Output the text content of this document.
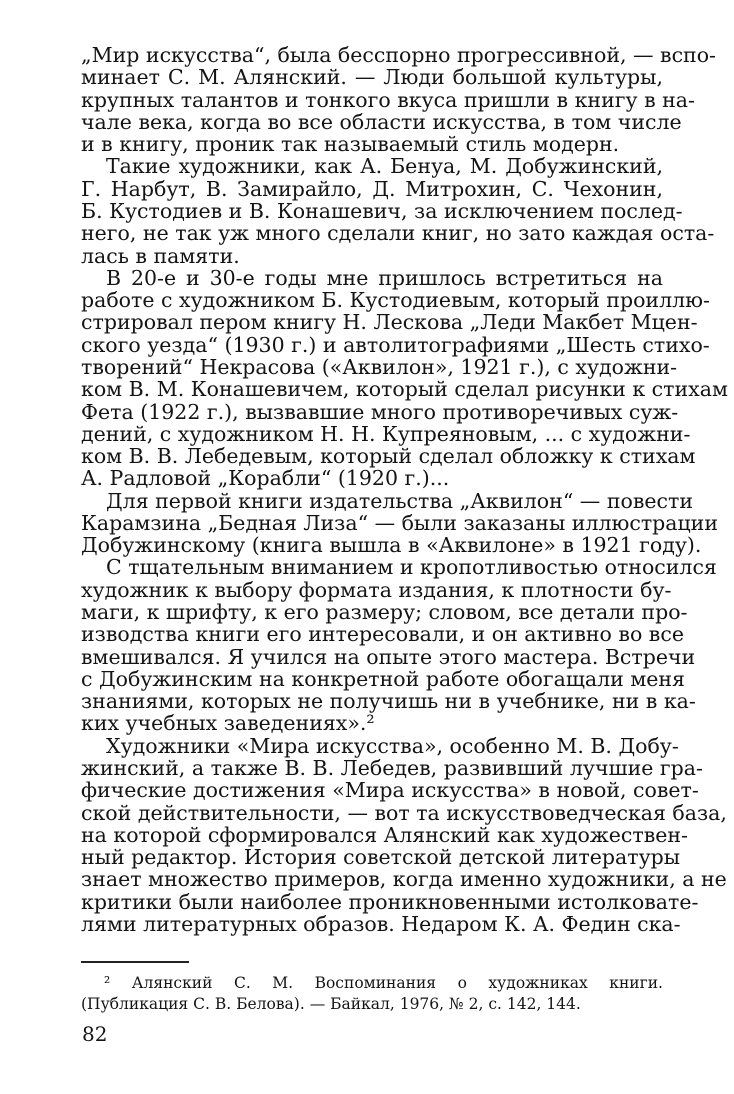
„Мир искусства“, была бесспорно прогрессивной, — вспо-
минает С. М. Алянский. — Люди большой культуры,
крупных талантов и тонкого вкуса пришли в книгу в на-
чале века, когда во все области искусства, в том числе
и в книгу, проник так называемый стиль модерн.
Такие художники, как А. Бенуа, М. Добужинский,
Г. Нарбут, В. Замирайло, Д. Митрохин, С. Чехонин,
Б. Кустодиев и В. Конашевич, за исключением послед-
него, не так уж много сделали книг, но зато каждая оста-
лась в памяти.
В 20-е и 30-е годы мне пришлось встретиться на
работе с художником Б. Кустодиевым, который проиллю-
стрировал пером книгу Н. Лескова „Леди Макбет Мцен-
ского уезда“ (1930 г.) и автолитографиями „Шесть стихо-
творений“ Некрасова («Аквилон», 1921 г.), с художни-
ком В. М. Конашевичем, который сделал рисунки к стихам
Фета (1922 г.), вызвавшие много противоречивых суж-
дений, с художником Н. Н. Купреяновым, ... с художни-
ком В. В. Лебедевым, который сделал обложку к стихам
А. Радловой „Корабли“ (1920 г.)...
Для первой книги издательства „Аквилон“ — повести
Карамзина „Бедная Лиза“ — были заказаны иллюстрации
Добужинскому (книга вышла в «Аквилоне» в 1921 году).
С тщательным вниманием и кропотливостью относился
художник к выбору формата издания, к плотности бу-
маги, к шрифту, к его размеру; словом, все детали про-
изводства книги его интересовали, и он активно во все
вмешивался. Я учился на опыте этого мастера. Встречи
с Добужинским на конкретной работе обогащали меня
знаниями, которых не получишь ни в учебнике, ни в ка-
ких учебных заведениях».²
Художники «Мира искусства», особенно М. В. Добу-
жинский, а также В. В. Лебедев, развивший лучшие гра-
фические достижения «Мира искусства» в новой, совет-
ской действительности, — вот та искусствоведческая база,
на которой сформировался Алянский как художествен-
ный редактор. История советской детской литературы
знает множество примеров, когда именно художники, а не
критики были наиболее проникновенными истолковате-
лями литературных образов. Недаром К. А. Федин ска-
² Алянский С. М. Воспоминания о художниках книги.
(Публикация С. В. Белова). — Байкал, 1976, № 2, с. 142, 144.
82
